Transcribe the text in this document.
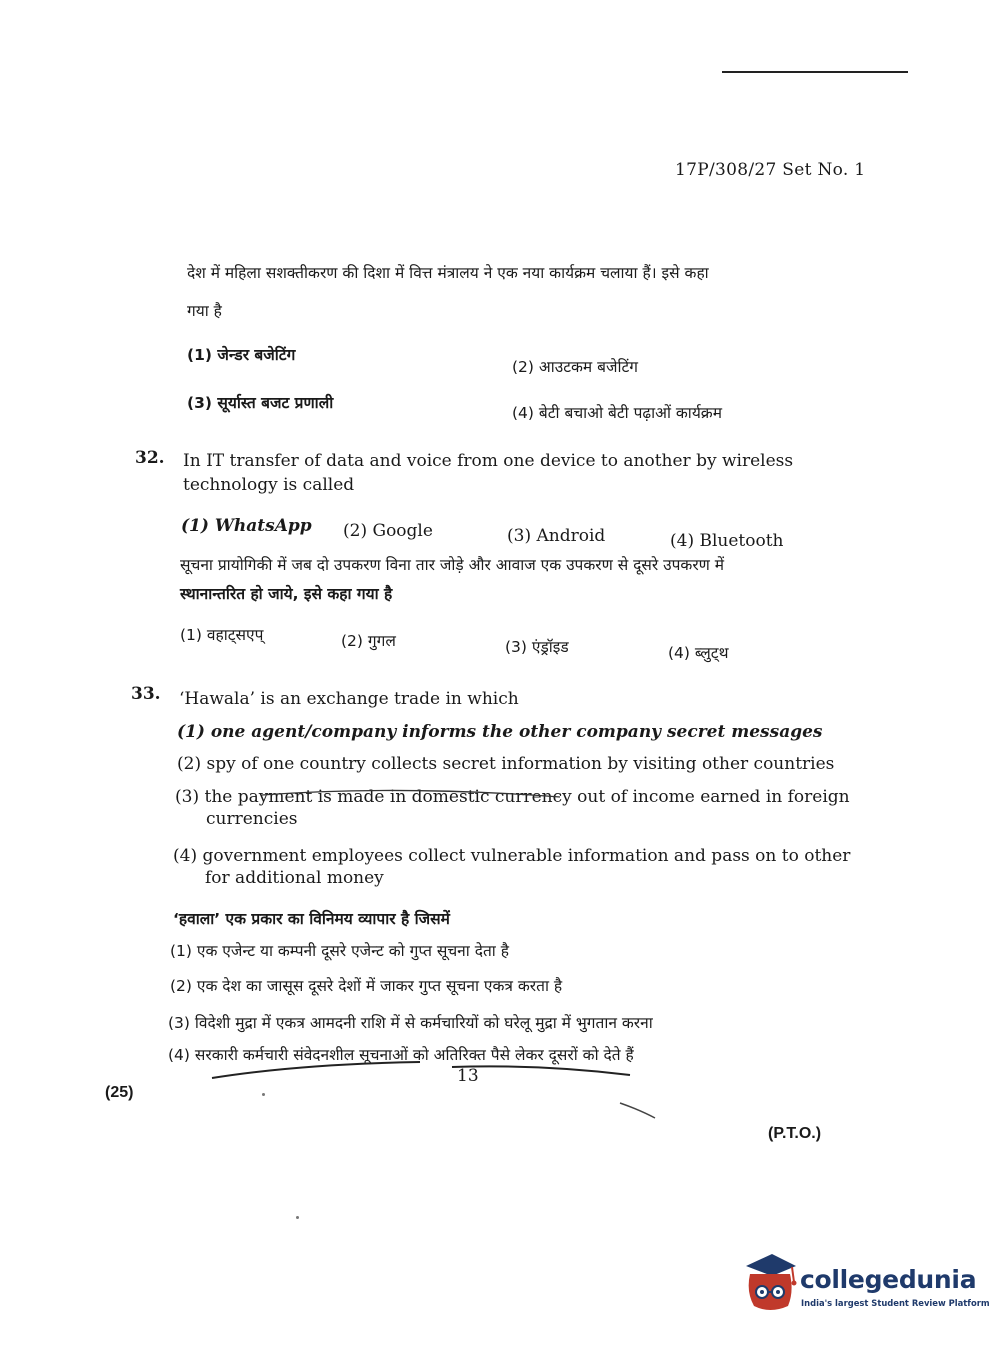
17P/308/27 Set No. 1
देश में महिला सशक्तीकरण की दिशा में वित्त मंत्रालय ने एक नया कार्यक्रम चलाया हैं। इसे कहा
गया है
(1) जेन्डर बजेटिंग
(2) आउटकम बजेटिंग
(3) सूर्यास्त बजट प्रणाली
(4) बेटी बचाओ बेटी पढ़ाओं कार्यक्रम
32. In IT transfer of data and voice from one device to another by wireless
technology is called
(1) WhatsApp (2) Google	(3) Android	(4) Bluetooth
सूचना प्रायोगिकी में जब दो उपकरण विना तार जोड़े और आवाज एक उपकरण से दूसरे उपकरण में
स्थानान्तरित हो जाये, इसे कहा गया है
(1) वहाट्सएप्	(2) गुगल	(3) एंड्रॉइड	(4) ब्लुट्थ
33. ‘Hawala’ is an exchange trade in which
(1) one agent/company informs the other company secret messages
(2) spy of one country collects secret information by visiting other countries
(3) the payment is made in domestic currency out of income earned in foreign
currencies
(4) government employees collect vulnerable information and pass on to other
for additional money
‘हवाला’ एक प्रकार का विनिमय व्यापार है जिसमें
(1) एक एजेन्ट या कम्पनी दूसरे एजेन्ट को गुप्त सूचना देता है
(2) एक देश का जासूस दूसरे देशों में जाकर गुप्त सूचना एकत्र करता है
(3) विदेशी मुद्रा में एकत्र आमदनी राशि में से कर्मचारियों को घरेलू मुद्रा में भुगतान करना
(4) सरकारी कर्मचारी संवेदनशील सूचनाओं को अतिरिक्त पैसे लेकर दूसरों को देते हैं
13
(25)
(P.T.O.)
collegedunia
India's largest Student Review Platform
